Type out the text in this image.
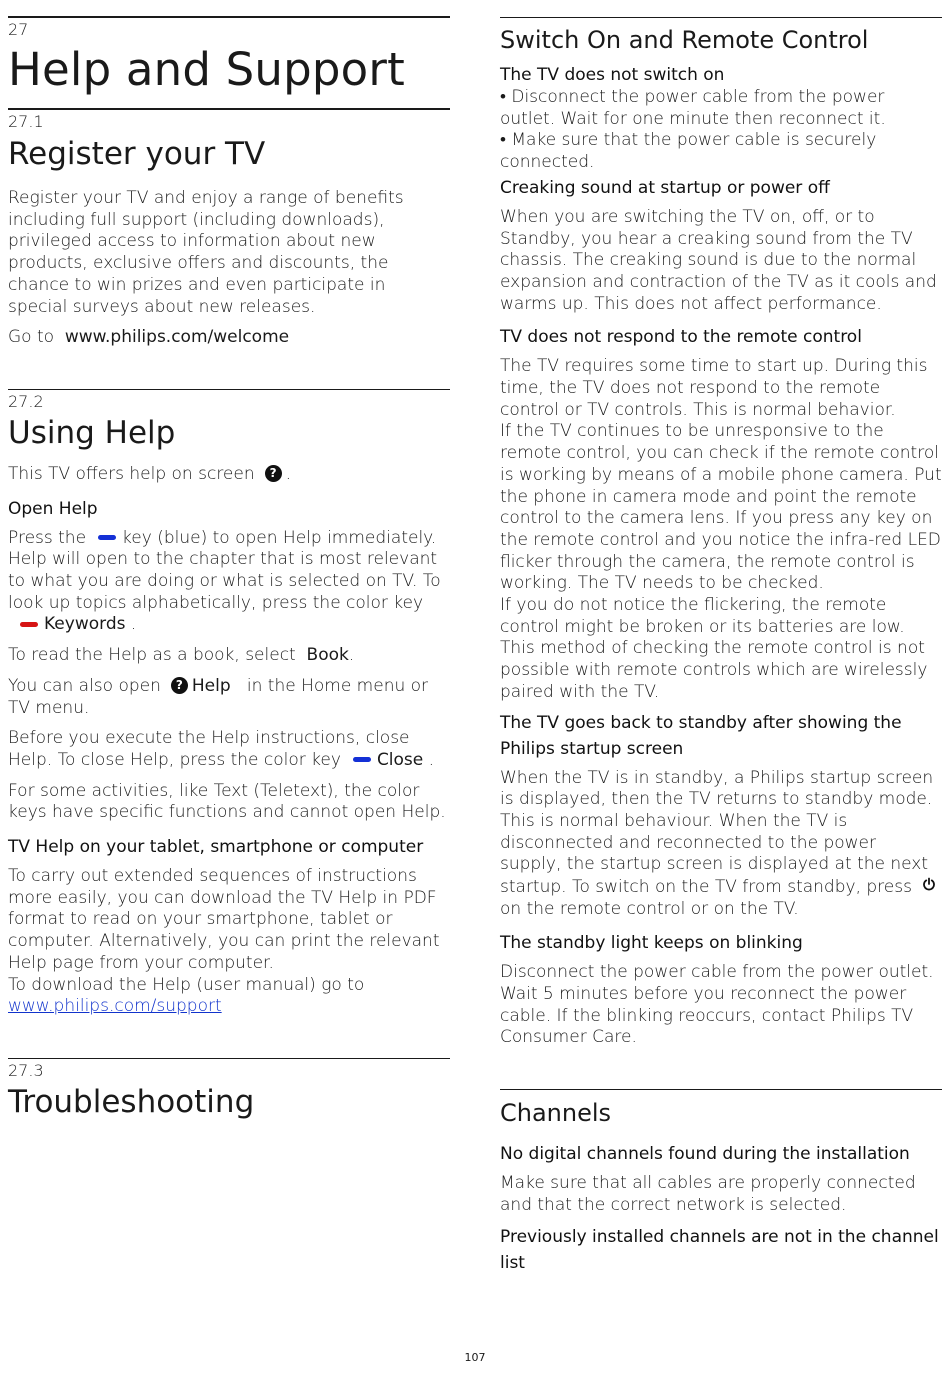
27

Help and Support

27.1

Register your TV

Register your TV and enjoy a range of benefits including full support (including downloads), privileged access to information about new products, exclusive offers and discounts, the chance to win prizes and even participate in special surveys about new releases.

Go to www.philips.com/welcome

27.2

Using Help

This TV offers help on screen ? .

Open Help

Press the key (blue) to open Help immediately. Help will open to the chapter that is most relevant to what you are doing or what is selected on TV. To look up topics alphabetically, press the color keyKeywords .

To read the Help as a book, select Book.

You can also open ? Help in the Home menu or TV menu.

Before you execute the Help instructions, close Help. To close Help, press the color key Close .

For some activities, like Text (Teletext), the color keys have specific functions and cannot open Help.

TV Help on your tablet, smartphone or computer

To carry out extended sequences of instructions more easily, you can download the TV Help in PDF format to read on your smartphone, tablet or computer. Alternatively, you can print the relevant Help page from your computer.

To download the Help (user manual) go to  www.philips.com/support

27.3

Troubleshooting
Switch On and Remote Control

The TV does not switch on

• Disconnect the power cable from the power outlet. Wait for one minute then reconnect it.

• Make sure that the power cable is securely connected.

Creaking sound at startup or power off

When you are switching the TV on, off, or to Standby, you hear a creaking sound from the TV chassis. The creaking sound is due to the normal expansion and contraction of the TV as it cools and warms up. This does not affect performance.

TV does not respond to the remote control

The TV requires some time to start up. During this time, the TV does not respond to the remote control or TV controls. This is normal behavior.

If the TV continues to be unresponsive to the remote control, you can check if the remote control is working by means of a mobile phone camera. Put the phone in camera mode and point the remote control to the camera lens. If you press any key on the remote control and you notice the infra-red LED flicker through the camera, the remote control is working. The TV needs to be checked.

If you do not notice the flickering, the remote control might be broken or its batteries are low.

This method of checking the remote control is not possible with remote controls which are wirelessly paired with the TV.

The TV goes back to standby after showing the Philips startup screen

When the TV is in standby, a Philips startup screen is displayed, then the TV returns to standby mode. This is normal behaviour. When the TV is disconnected and reconnected to the power supply, the startup screen is displayed at the next startup. To switch on the TV from standby, presson the remote control or on the TV.

The standby light keeps on blinking

Disconnect the power cable from the power outlet. Wait 5 minutes before you reconnect the power cable. If the blinking reoccurs, contact Philips TV Consumer Care.

Channels

No digital channels found during the installation

Make sure that all cables are properly connected and that the correct network is selected.

Previously installed channels are not in the channel list

107
